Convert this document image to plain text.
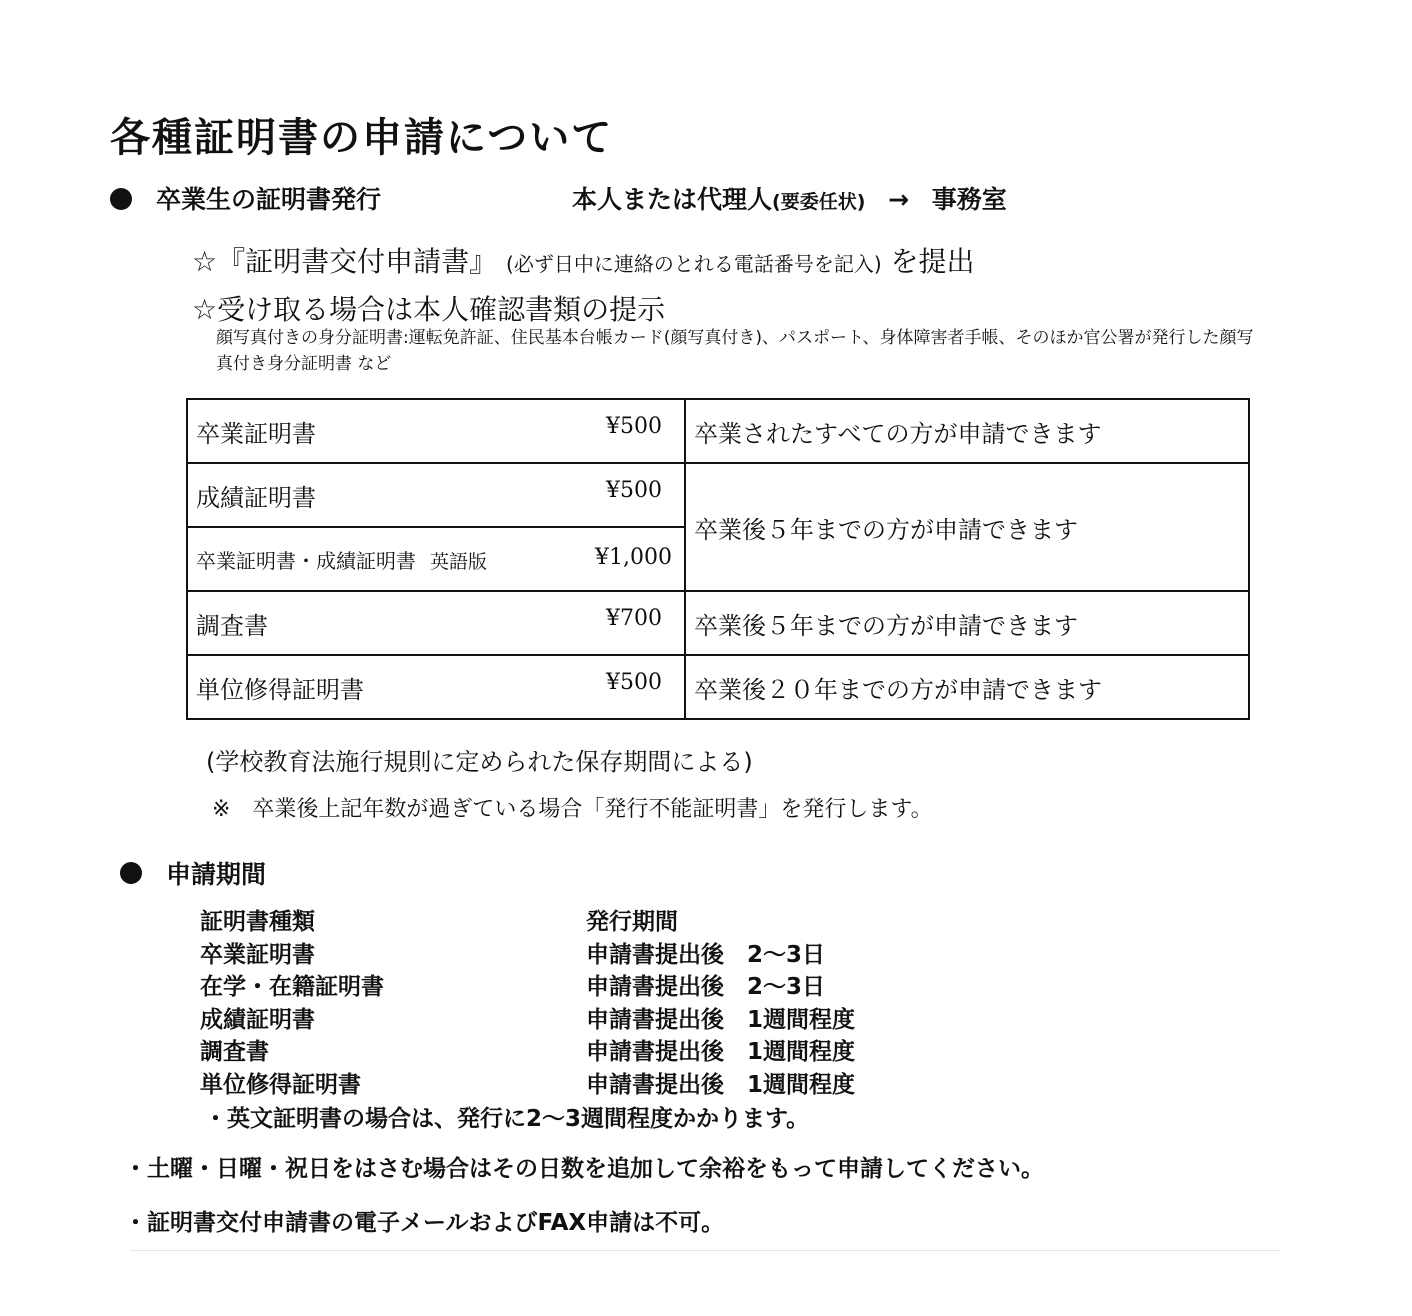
各種証明書の申請について
卒業生の証明書発行	本人または代理人(要委任状) → 事務室
☆『証明書交付申請書』 (必ず日中に連絡のとれる電話番号を記入) を提出
☆受け取る場合は本人確認書類の提示
顔写真付きの身分証明書:運転免許証、住民基本台帳カード(顔写真付き)、パスポート、身体障害者手帳、そのほか官公署が発行した顔写真付き身分証明書 など
卒業証明書 ¥500	卒業されたすべての方が申請できます
成績証明書 ¥500	卒業後５年までの方が申請できます
卒業証明書・成績証明書 英語版 ¥1,000	

調査書 ¥700	卒業後５年までの方が申請できます
単位修得証明書 ¥500	卒業後２０年までの方が申請できます
(学校教育法施行規則に定められた保存期間による)
※　卒業後上記年数が過ぎている場合「発行不能証明書」を発行します。
申請期間
証明書種類	発行期間
卒業証明書	申請書提出後　2〜3日
在学・在籍証明書	申請書提出後　2〜3日
成績証明書	申請書提出後　1週間程度
調査書	申請書提出後　1週間程度
単位修得証明書	申請書提出後　1週間程度
・英文証明書の場合は、発行に2〜3週間程度かかります。
・土曜・日曜・祝日をはさむ場合はその日数を追加して余裕をもって申請してください。
・証明書交付申請書の電子メールおよびFAX申請は不可。
